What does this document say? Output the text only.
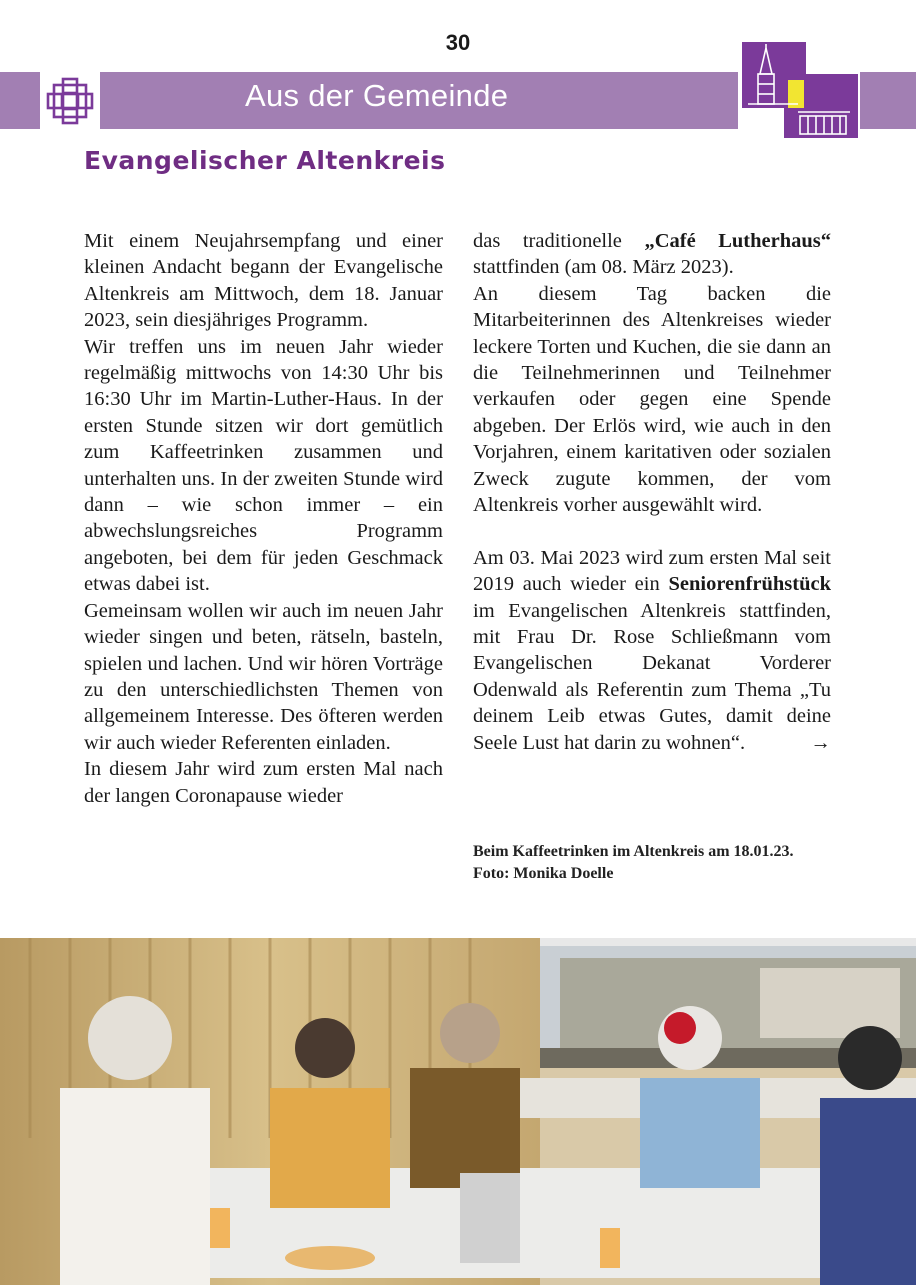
30
Aus der Gemeinde
Evangelischer Altenkreis

Mit einem Neujahrsempfang und einer kleinen Andacht begann der Evangelische Altenkreis am Mittwoch, dem 18. Januar 2023, sein diesjähriges Programm.

Wir treffen uns im neuen Jahr wieder regelmäßig mittwochs von 14:30 Uhr bis 16:30 Uhr im Martin-Luther-Haus. In der ersten Stunde sitzen wir dort gemütlich zum Kaffeetrinken zusammen und unterhalten uns. In der zweiten Stunde wird dann – wie schon immer – ein abwechslungsreiches Programm angeboten, bei dem für jeden Geschmack etwas dabei ist.

Gemeinsam wollen wir auch im neuen Jahr wieder singen und beten, rätseln, basteln, spielen und lachen. Und wir hören Vorträge zu den unterschiedlichsten Themen von allgemeinem Interesse. Des öfteren werden wir auch wieder Referenten einladen.

In diesem Jahr wird zum ersten Mal nach der langen Coronapause wieder

das traditionelle „Café Lutherhaus“ stattfinden (am 08. März 2023).

An diesem Tag backen die Mitarbeiterinnen des Altenkreises wieder leckere Torten und Kuchen, die sie dann an die Teilnehmerinnen und Teilnehmer verkaufen oder gegen eine Spende abgeben. Der Erlös wird, wie auch in den Vorjahren, einem karitativen oder sozialen Zweck zugute kommen, der vom Altenkreis vorher ausgewählt wird.

Am 03. Mai 2023 wird zum ersten Mal seit 2019 auch wieder ein Seniorenfrühstück im Evangelischen Altenkreis stattfinden, mit Frau Dr. Rose Schließmann vom Evangelischen Dekanat Vorderer Odenwald als Referentin zum Thema „Tu deinem Leib etwas Gutes, damit deine Seele Lust hat darin zu wohnen“.	→

Beim Kaffeetrinken im Altenkreis am 18.01.23.
Foto: Monika Doelle
